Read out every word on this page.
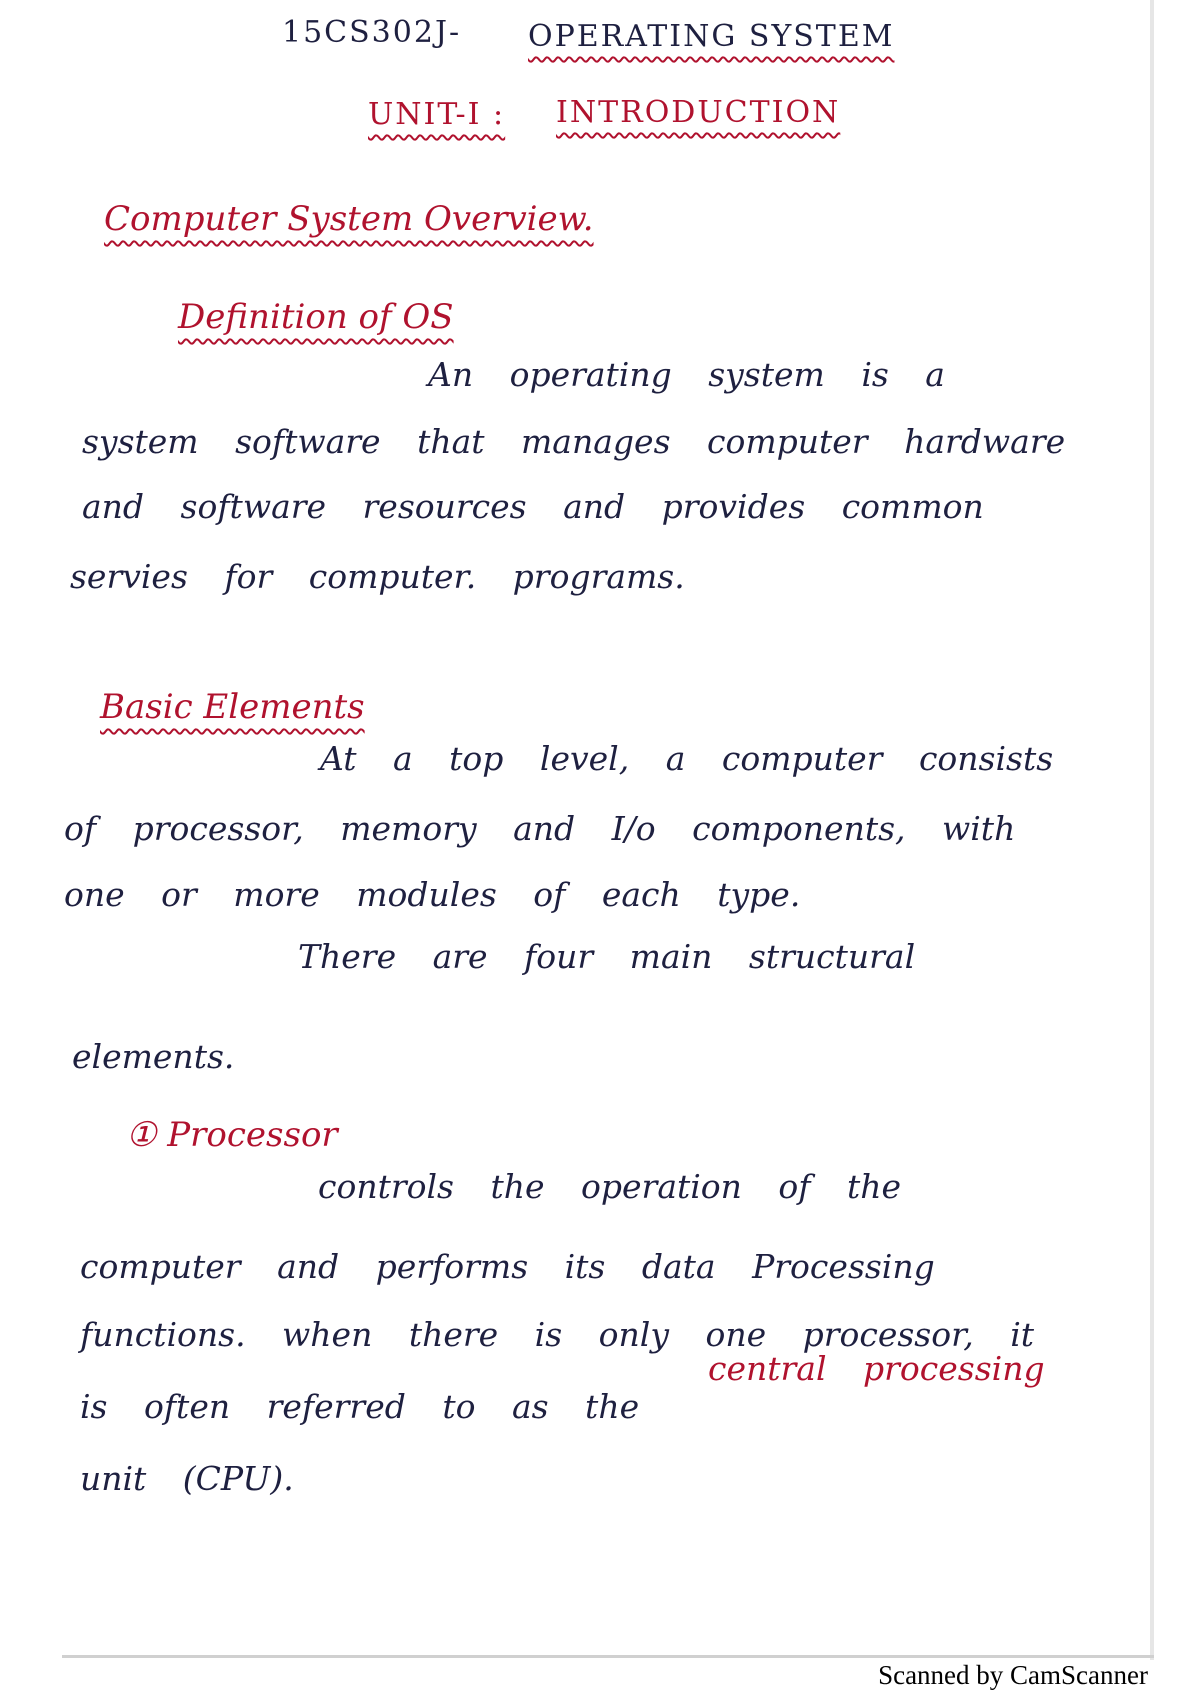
15CS302J- OPERATING SYSTEM
UNIT-I : INTRODUCTION
Computer System Overview.
Definition of OS
An operating system is a
system software that manages computer hardware
and software resources and provides common
servies for computer. programs.
Basic Elements
At a top level, a computer consists
of processor, memory and I/o components, with
one or more modules of each type.
There are four main structural
elements.
① Processor
controls the operation of the
computer and performs its data Processing
functions. when there is only one processor, it
is often referred to as the
central processing
unit (CPU).
Scanned by CamScanner
